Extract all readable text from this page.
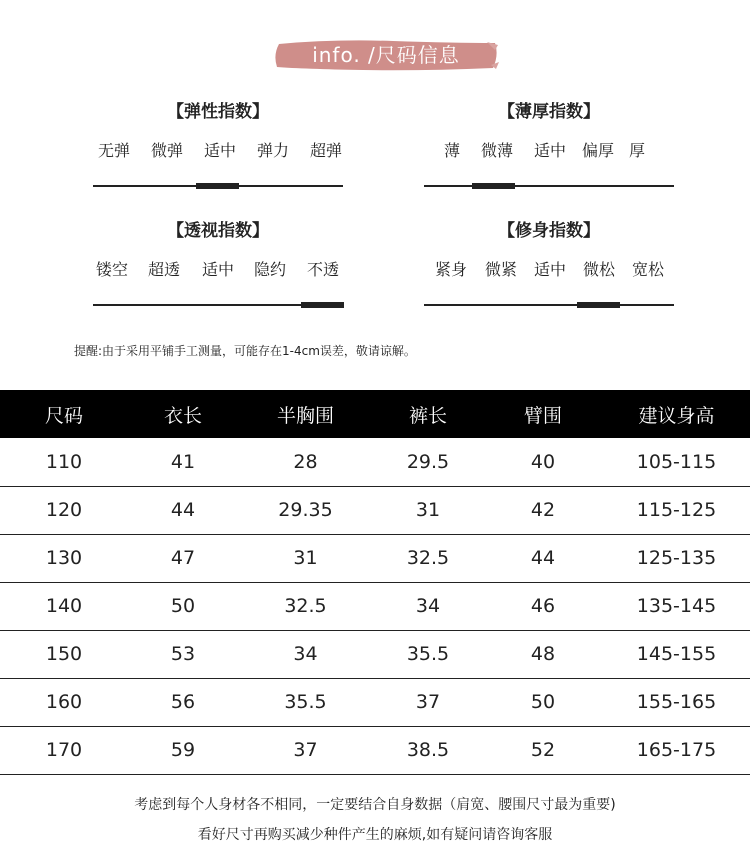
info. /尺码信息
【弹性指数】
无弹	微弹	适中	弹力	超弹
【薄厚指数】
薄	微薄	适中 偏厚 厚
【透视指数】
镂空	超透	适中	隐约	不透
【修身指数】
紧身	微紧	适中	微松	宽松
提醒:由于采用平铺手工测量，可能存在1-4cm误差，敬请谅解。
尺码	衣长	半胸围	裤长	臂围	建议身高
110	41	28	29.5	40	105-115
120	44	29.35	31	42	115-125
130	47	31	32.5	44	125-135
140	50	32.5	34	46	135-145
150	53	34	35.5	48	145-155
160	56	35.5	37	50	155-165
170	59	37	38.5	52	165-175
考虑到每个人身材各不相同，一定要结合自身数据（肩宽、腰围尺寸最为重要)
看好尺寸再购买减少种件产生的麻烦,如有疑问请咨询客服
